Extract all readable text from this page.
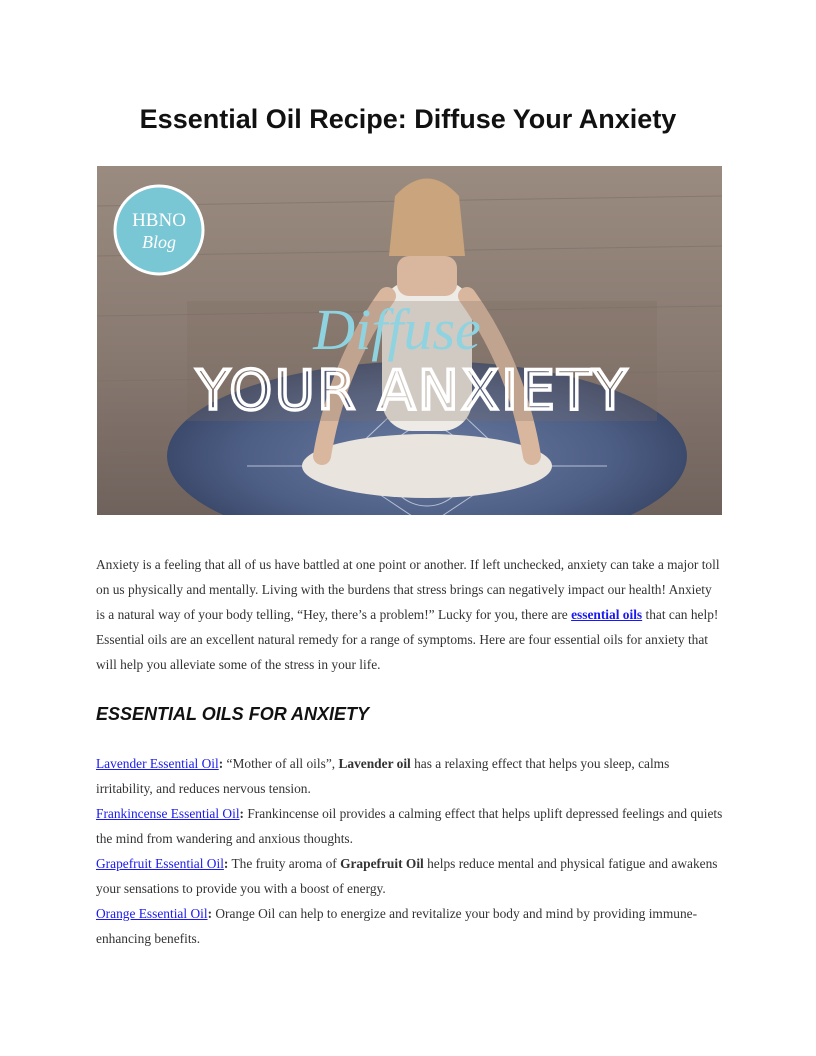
Essential Oil Recipe: Diffuse Your Anxiety
HBNO
Blog
Diffuse
YOUR ANXIETY

Anxiety is a feeling that all of us have battled at one point or another. If left unchecked, anxiety can take a major toll on us physically and mentally. Living with the burdens that stress brings can negatively impact our health! Anxiety is a natural way of your body telling, “Hey, there’s a problem!” Lucky for you, there are essential oils that can help!

Essential oils are an excellent natural remedy for a range of symptoms. Here are four essential oils for anxiety that will help you alleviate some of the stress in your life.

ESSENTIAL OILS FOR ANXIETY

Lavender Essential Oil: “Mother of all oils”, Lavender oil has a relaxing effect that helps you sleep, calms irritability, and reduces nervous tension.

Frankincense Essential Oil: Frankincense oil provides a calming effect that helps uplift depressed feelings and quiets the mind from wandering and anxious thoughts.

Grapefruit Essential Oil: The fruity aroma of Grapefruit Oil helps reduce mental and physical fatigue and awakens your sensations to provide you with a boost of energy.

Orange Essential Oil: Orange Oil can help to energize and revitalize your body and mind by providing immune-enhancing benefits.
